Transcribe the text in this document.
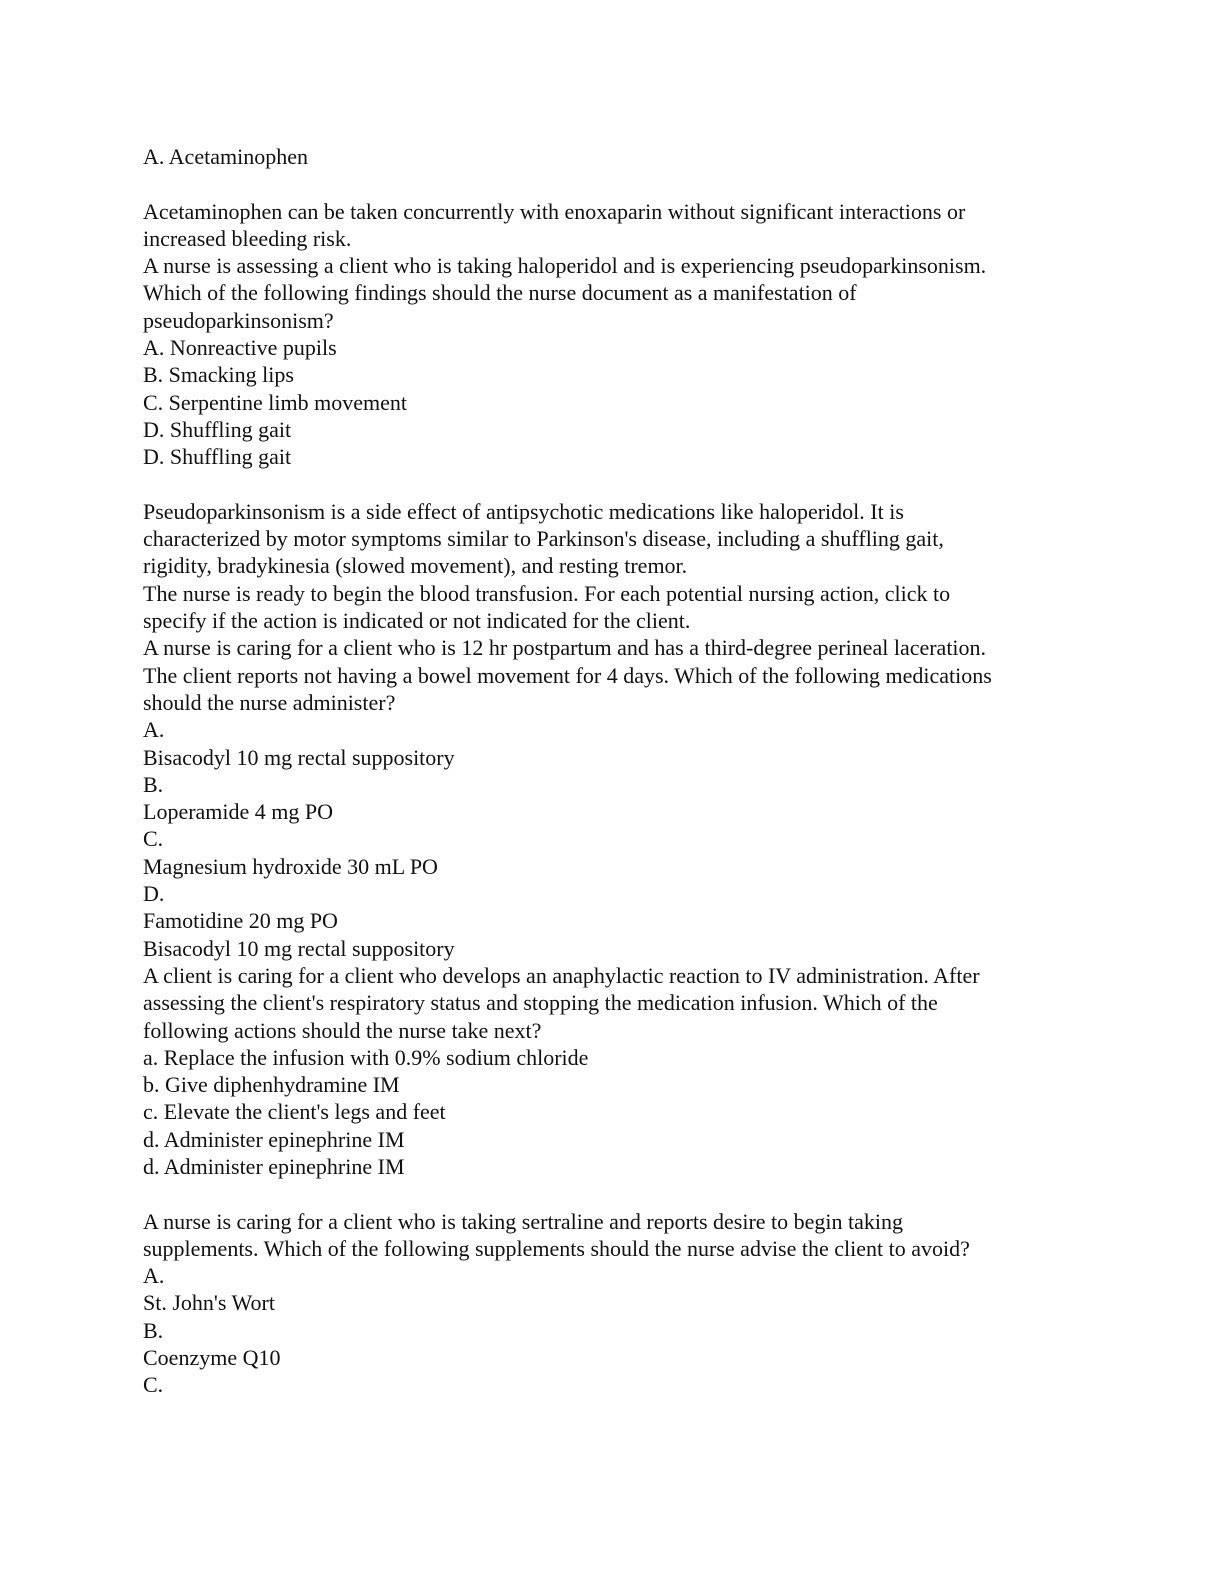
A. Acetaminophen
Acetaminophen can be taken concurrently with enoxaparin without significant interactions or
increased bleeding risk.
A nurse is assessing a client who is taking haloperidol and is experiencing pseudoparkinsonism.
Which of the following findings should the nurse document as a manifestation of
pseudoparkinsonism?
A. Nonreactive pupils
B. Smacking lips
C. Serpentine limb movement
D. Shuffling gait
D. Shuffling gait
Pseudoparkinsonism is a side effect of antipsychotic medications like haloperidol. It is
characterized by motor symptoms similar to Parkinson's disease, including a shuffling gait,
rigidity, bradykinesia (slowed movement), and resting tremor.
The nurse is ready to begin the blood transfusion. For each potential nursing action, click to
specify if the action is indicated or not indicated for the client.
A nurse is caring for a client who is 12 hr postpartum and has a third-degree perineal laceration.
The client reports not having a bowel movement for 4 days. Which of the following medications
should the nurse administer?
A.
Bisacodyl 10 mg rectal suppository
B.
Loperamide 4 mg PO
C.
Magnesium hydroxide 30 mL PO
D.
Famotidine 20 mg PO
Bisacodyl 10 mg rectal suppository
A client is caring for a client who develops an anaphylactic reaction to IV administration. After
assessing the client's respiratory status and stopping the medication infusion. Which of the
following actions should the nurse take next?
a. Replace the infusion with 0.9% sodium chloride
b. Give diphenhydramine IM
c. Elevate the client's legs and feet
d. Administer epinephrine IM
d. Administer epinephrine IM
A nurse is caring for a client who is taking sertraline and reports desire to begin taking
supplements. Which of the following supplements should the nurse advise the client to avoid?
A.
St. John's Wort
B.
Coenzyme Q10
C.
